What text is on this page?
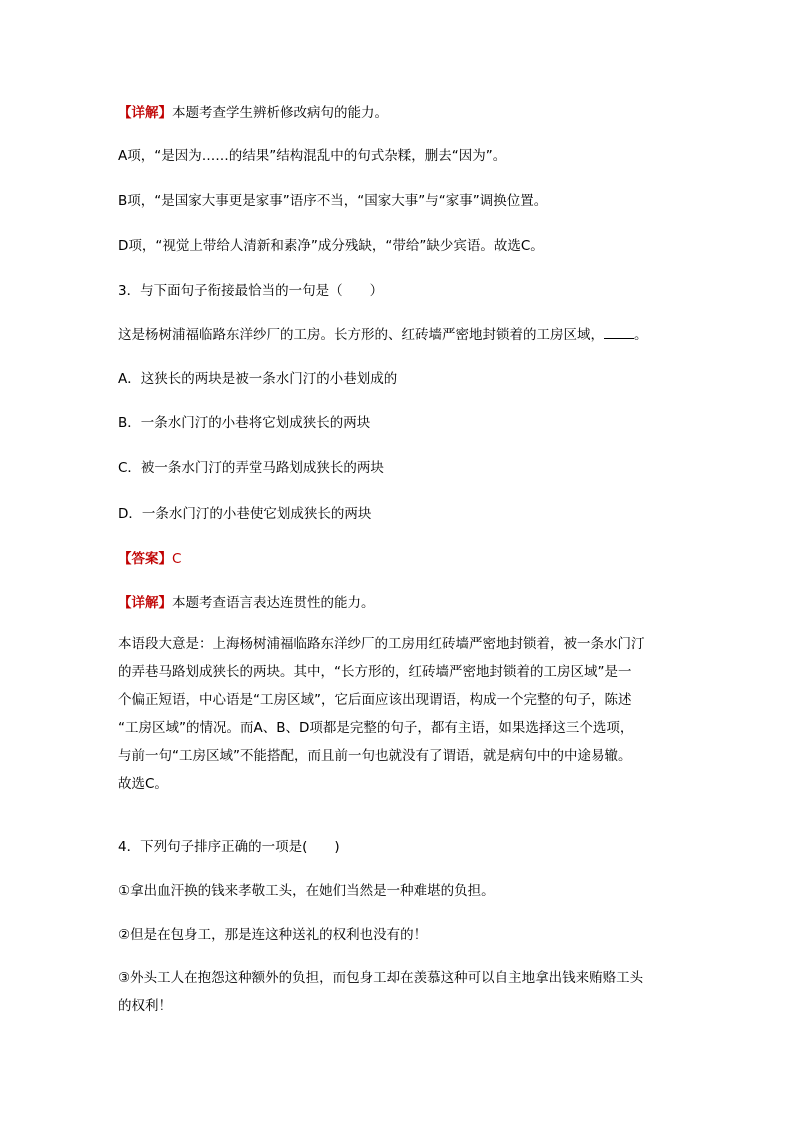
【详解】本题考查学生辨析修改病句的能力。
A项，“是因为……的结果”结构混乱中的句式杂糅，删去“因为”。
B项，“是国家大事更是家事”语序不当，“国家大事”与“家事”调换位置。
D项，“视觉上带给人清新和素净”成分残缺，“带给”缺少宾语。故选C。
3．与下面句子衔接最恰当的一句是（　　）
这是杨树浦福临路东洋纱厂的工房。长方形的、红砖墙严密地封锁着的工房区域， 。
A．这狭长的两块是被一条水门汀的小巷划成的
B．一条水门汀的小巷将它划成狭长的两块
C．被一条水门汀的弄堂马路划成狭长的两块
D．一条水门汀的小巷使它划成狭长的两块
【答案】C
【详解】本题考查语言表达连贯性的能力。

本语段大意是：上海杨树浦福临路东洋纱厂的工房用红砖墙严密地封锁着，被一条水门汀

的弄巷马路划成狭长的两块。其中，“长方形的，红砖墙严密地封锁着的工房区域”是一

个偏正短语，中心语是“工房区域”，它后面应该出现谓语，构成一个完整的句子，陈述

“工房区域”的情况。而A、B、D项都是完整的句子，都有主语，如果选择这三个选项，

与前一句“工房区域”不能搭配，而且前一句也就没有了谓语，就是病句中的中途易辙。

故选C。

4．下列句子排序正确的一项是(　　)
①拿出血汗换的钱来孝敬工头，在她们当然是一种难堪的负担。
②但是在包身工，那是连这种送礼的权利也没有的！

③外头工人在抱怨这种额外的负担，而包身工却在羡慕这种可以自主地拿出钱来贿赂工头

的权利！
